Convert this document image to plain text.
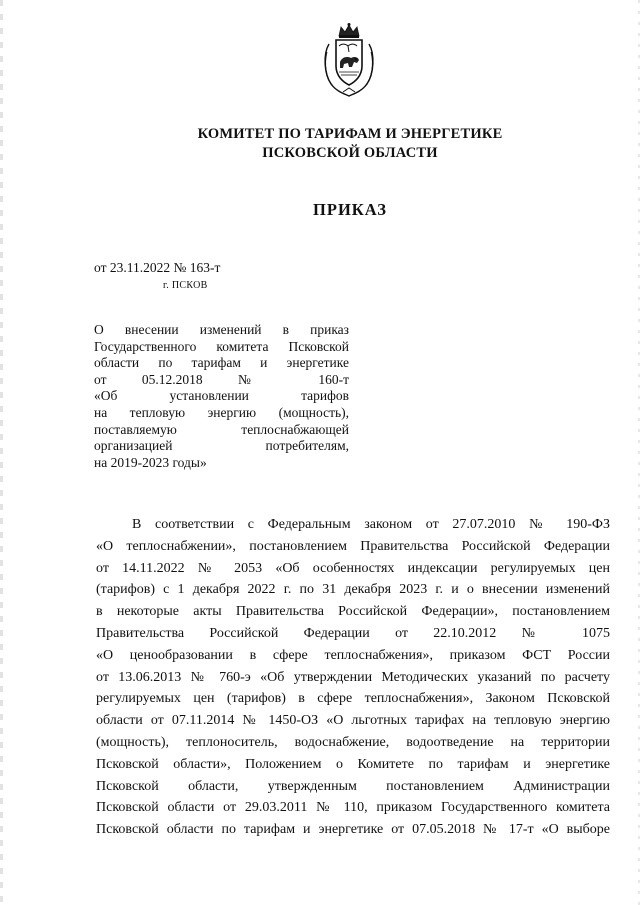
КОМИТЕТ ПО ТАРИФАМ И ЭНЕРГЕТИКЕ
ПСКОВСКОЙ ОБЛАСТИ
ПРИКАЗ
от 23.11.2022 № 163-т
г. ПСКОВ
О внесении изменений в приказ
Государственного комитета Псковской
области по тарифам и энергетике
от 05.12.2018 № 160-т
«Об установлении тарифов
на тепловую энергию (мощность),
поставляемую теплоснабжающей
организацией потребителям,
на 2019-2023 годы»
В соответствии с Федеральным законом от 27.07.2010 № 190-ФЗ
«О теплоснабжении», постановлением Правительства Российской Федерации
от 14.11.2022 № 2053 «Об особенностях индексации регулируемых цен
(тарифов) с 1 декабря 2022 г. по 31 декабря 2023 г. и о внесении изменений
в некоторые акты Правительства Российской Федерации», постановлением
Правительства Российской Федерации от 22.10.2012 № 1075
«О ценообразовании в сфере теплоснабжения», приказом ФСТ России
от 13.06.2013 № 760-э «Об утверждении Методических указаний по расчету
регулируемых цен (тарифов) в сфере теплоснабжения», Законом Псковской
области от 07.11.2014 № 1450-ОЗ «О льготных тарифах на тепловую энергию
(мощность), теплоноситель, водоснабжение, водоотведение на территории
Псковской области», Положением о Комитете по тарифам и энергетике
Псковской области, утвержденным постановлением Администрации
Псковской области от 29.03.2011 № 110, приказом Государственного комитета
Псковской области по тарифам и энергетике от 07.05.2018 № 17-т «О выборе
